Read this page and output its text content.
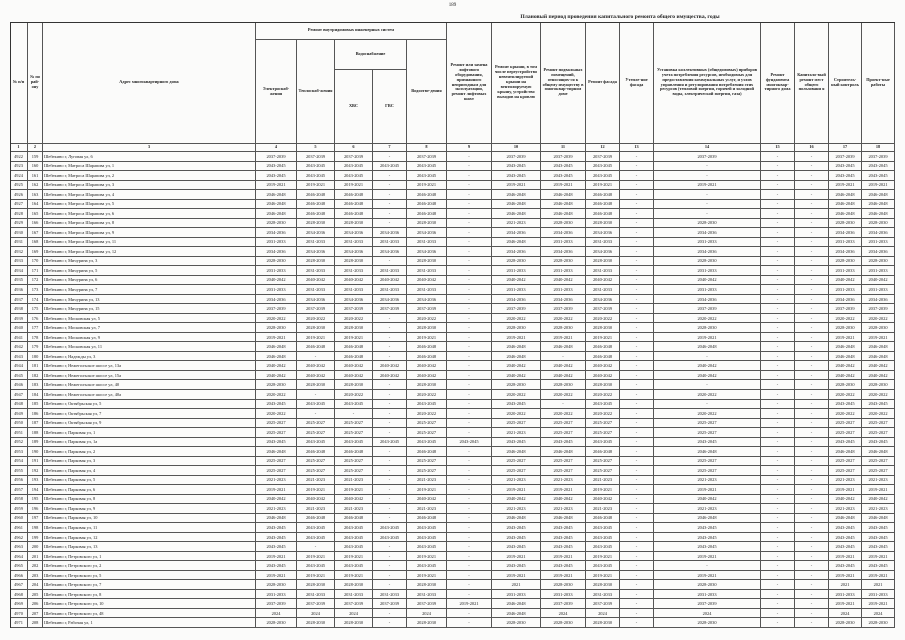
189
Плановый период проведения капитального ремонта общего имущества, годы
№ п/п
№ по рай-ону
Адрес многоквартирного дома
Ремонт внутридомовых инженерных систем
Электроснаб-жения	Теплоснаб-жения
Водоснабжение
ХВС	ГВС
Водоотве-дения
Ремонт или замена лифтового оборудования, признанного непригодным для эксплуатации, ремонт лифтовых шахт
Ремонт крыши, в том числе переустройство невентилируемой крыши на вентилируемую крышу, устройство выходов на кровлю
Ремонт подвальных помещений, относящих-ся к общему имуществу в многоквар-тирном доме
Ремонт фасада	Утепле-ние фасада
Установка коллективных (общедомовых) приборов учета потребления ресурсов, необходимых для предоставления коммунальных услуг, и узлов управления и регулирования потребления этих ресурсов (тепловой энергии, горячей и холодной воды, электрической энергии, газа)
Ремонт фундамента многоквар-тирного дома
Капитало-вый ремонт мест общего пользовани я
Строитель-ный контроль
Проект-ные работы
1	2	3	4	5	6	7	8	9	10	11	12	13	14	15	16	17	18
4922	159	Шебекино г, Луговая ул, 6	2037-2039	2037-2039	2037-2039	-	2037-2039	-	2037-2039	2037-2039	2037-2039	-	2037-2039	-	-	2037-2039	2037-2039
4923	160	Шебекино г, Матроса Шарапова ул, 1	2043-2045	2043-2045	2043-2045	2043-2045	2043-2045	-	2043-2045	2043-2045	2043-2045	-	-	-	-	2043-2045	2043-2045
4924	161	Шебекино г, Матроса Шарапова ул, 2	2043-2045	2043-2045	2043-2045	-	2043-2045	-	2043-2045	2043-2045	2043-2045	-	-	-	-	2043-2045	2043-2045
4925	162	Шебекино г, Матроса Шарапова ул, 3	2019-2021	2019-2021	2019-2021	-	2019-2021	-	2019-2021	2019-2021	2019-2021	-	2019-2021	-	-	2019-2021	2019-2021
4926	163	Шебекино г, Матроса Шарапова ул, 4	2046-2048	2046-2048	2046-2048	-	2046-2048	-	2046-2048	2046-2048	2046-2048	-	-	-	-	2046-2048	2046-2048
4927	164	Шебекино г, Матроса Шарапова ул, 5	2046-2048	2046-2048	2046-2048	-	2046-2048	-	2046-2048	2046-2048	2046-2048	-	-	-	-	2046-2048	2046-2048
4928	165	Шебекино г, Матроса Шарапова ул, 6	2046-2048	2046-2048	2046-2048	-	2046-2048	-	2046-2048	2046-2048	2046-2048	-	-	-	-	2046-2048	2046-2048
4929	166	Шебекино г, Матроса Шарапова ул, 8	2028-2030	2028-2030	2028-2030	-	2028-2030	-	2021-2023	2028-2030	2028-2030	-	2028-2030	-	-	2028-2030	2028-2030
4930	167	Шебекино г, Матроса Шарапова ул, 9	2034-2036	2034-2036	2034-2036	2034-2036	2034-2036	-	2034-2036	2034-2036	2034-2036	-	2034-2036	-	-	2034-2036	2034-2036
4931	168	Шебекино г, Матроса Шарапова ул, 11	2031-2033	2031-2033	2031-2033	2031-2033	2031-2033	-	2046-2048	2031-2033	2031-2033	-	2031-2033	-	-	2031-2033	2031-2033
4932	169	Шебекино г, Матроса Шарапова ул, 12	2034-2036	2034-2036	2034-2036	2034-2036	2034-2036	-	2034-2036	2034-2036	2034-2036	-	2034-2036	-	-	2034-2036	2034-2036
4933	170	Шебекино г, Мичурина ул, 3	2028-2030	2028-2030	2028-2030	-	2028-2030	-	2028-2030	2028-2030	2028-2030	-	2028-2030	-	-	2028-2030	2028-2030
4934	171	Шебекино г, Мичурина ул, 5	2031-2033	2031-2033	2031-2033	2031-2033	2031-2033	-	2031-2033	2031-2033	2031-2033	-	2031-2033	-	-	2031-2033	2031-2033
4935	172	Шебекино г, Мичурина ул, 6	2040-2042	2040-2042	2040-2042	2040-2042	2040-2042	-	2040-2042	2040-2042	2040-2042	-	2040-2042	-	-	2040-2042	2040-2042
4936	173	Шебекино г, Мичурина ул, 7	2031-2033	2031-2033	2031-2033	2031-2033	2031-2033	-	2031-2033	2031-2033	2031-2033	-	2031-2033	-	-	2031-2033	2031-2033
4937	174	Шебекино г, Мичурина ул, 13	2034-2036	2034-2036	2034-2036	2034-2036	2034-2036	-	2034-2036	2034-2036	2034-2036	-	2034-2036	-	-	2034-2036	2034-2036
4938	175	Шебекино г, Мичурина ул, 15	2037-2039	2037-2039	2037-2039	2037-2039	2037-2039	-	2037-2039	2037-2039	2037-2039	-	2037-2039	-	-	2037-2039	2037-2039
4939	176	Шебекино г, Московская ул, 5	2020-2022	2020-2022	2020-2022	-	2020-2022	-	2020-2022	2020-2022	2020-2022	-	2020-2022	-	-	2020-2022	2020-2022
4940	177	Шебекино г, Московская ул, 7	2028-2030	2028-2030	2028-2030	-	2028-2030	-	2028-2030	2028-2030	2028-2030	-	2028-2030	-	-	2028-2030	2028-2030
4941	178	Шебекино г, Московская ул, 9	2019-2021	2019-2021	2019-2021	-	2019-2021	-	2019-2021	2019-2021	2019-2021	-	2019-2021	-	-	2019-2021	2019-2021
4942	179	Шебекино г, Московская ул, 11	2046-2048	2046-2048	2046-2048	-	2046-2048	-	2046-2048	2046-2048	2046-2048	-	2046-2048	-	-	2046-2048	2046-2048
4943	180	Шебекино г, Надежды ул, 3	2046-2048	-	2046-2048	-	2046-2048	-	2046-2048	-	2046-2048	-	-	-	-	2046-2048	2046-2048
4944	181	Шебекино г, Нежеголъское шоссе ул, 13а	2040-2042	2040-2042	2040-2042	2040-2042	2040-2042	-	2040-2042	2040-2042	2040-2042	-	2040-2042	-	-	2040-2042	2040-2042
4945	182	Шебекино г, Нежеголъское шоссе ул, 15а	2040-2042	2040-2042	2040-2042	2040-2042	2040-2042	-	2040-2042	2040-2042	2040-2042	-	2040-2042	-	-	2040-2042	2040-2042
4946	183	Шебекино г, Нежеголъское шоссе ул, 40	2028-2030	2028-2030	2028-2030	-	2028-2030	-	2028-2030	2028-2030	2028-2030	-	-	-	-	2028-2030	2028-2030
4947	184	Шебекино г, Нежеголъское шоссе ул, 40а	2020-2022	-	2020-2022	-	2020-2022	-	2020-2022	2020-2022	2020-2022	-	2020-2022	-	-	2020-2022	2020-2022
4948	185	Шебекино г, Октябрьская ул, 5	2043-2045	2043-2045	2043-2045	-	2043-2045	-	2043-2045	-	2043-2045	-	-	-	-	2043-2045	2043-2045
4949	186	Шебекино г, Октябрьская ул, 7	2020-2022	-	-	-	2020-2022	-	2020-2022	2020-2022	2020-2022	-	2020-2022	-	-	2020-2022	2020-2022
4950	187	Шебекино г, Октябрьская ул, 9	2025-2027	2025-2027	2025-2027	-	2025-2027	-	2025-2027	2025-2027	2025-2027	-	2025-2027	-	-	2025-2027	2025-2027
4951	188	Шебекино г, Парковая ул, 1	2025-2027	2025-2027	2025-2027	-	2025-2027	-	2021-2023	2025-2027	2025-2027	-	2025-2027	-	-	2025-2027	2025-2027
4952	189	Шебекино г, Парковая ул, 1а	2043-2045	2043-2045	2043-2045	2043-2045	2043-2045	2043-2045	2043-2045	2043-2045	2043-2045	-	2043-2045	-	-	2043-2045	2043-2045
4953	190	Шебекино г, Парковая ул, 2	2046-2048	2046-2048	2046-2048	-	2046-2048	-	2046-2048	2046-2048	2046-2048	-	2046-2048	-	-	2046-2048	2046-2048
4954	191	Шебекино г, Парковая ул, 3	2025-2027	2025-2027	2025-2027	-	2025-2027	-	2025-2027	2025-2027	2025-2027	-	2025-2027	-	-	2025-2027	2025-2027
4955	192	Шебекино г, Парковая ул, 4	2025-2027	2025-2027	2025-2027	-	2025-2027	-	2025-2027	2025-2027	2025-2027	-	2025-2027	-	-	2025-2027	2025-2027
4956	193	Шебекино г, Парковая ул, 5	2021-2023	2021-2023	2021-2023	-	2021-2023	-	2021-2023	2021-2023	2021-2023	-	2021-2023	-	-	2021-2023	2021-2023
4957	194	Шебекино г, Парковая ул, 6	2019-2021	2019-2021	2019-2021	-	2019-2021	-	2019-2021	2019-2021	2019-2021	-	2019-2021	-	-	2019-2021	2019-2021
4958	195	Шебекино г, Парковая ул, 8	2040-2042	2040-2042	2040-2042	-	2040-2042	-	2040-2042	2040-2042	2040-2042	-	2040-2042	-	-	2040-2042	2040-2042
4959	196	Шебекино г, Парковая ул, 9	2021-2023	2021-2023	2021-2023	-	2021-2023	-	2021-2023	2021-2023	2021-2023	-	2021-2023	-	-	2021-2023	2021-2023
4960	197	Шебекино г, Парковая ул, 10	2046-2048	2046-2048	2046-2048	-	2046-2048	-	2046-2048	2046-2048	2046-2048	-	2046-2048	-	-	2046-2048	2046-2048
4961	198	Шебекино г, Парковая ул, 11	2043-2045	2043-2045	2043-2045	2043-2045	2043-2045	-	2043-2045	2043-2045	2043-2045	-	2043-2045	-	-	2043-2045	2043-2045
4962	199	Шебекино г, Парковая ул, 12	2043-2045	2043-2045	2043-2045	2043-2045	2043-2045	-	2043-2045	2043-2045	2043-2045	-	2043-2045	-	-	2043-2045	2043-2045
4963	200	Шебекино г, Парковая ул, 13	2043-2045	-	2043-2045	-	2043-2045	-	2043-2045	2043-2045	2043-2045	-	2043-2045	-	-	2043-2045	2043-2045
4964	201	Шебекино г, Петровского ул, 1	2019-2021	2019-2021	2019-2021	-	2019-2021	-	2019-2021	2019-2021	2019-2021	-	2019-2021	-	-	2019-2021	2019-2021
4965	202	Шебекино г, Петровского ул, 2	2043-2045	2043-2045	2043-2045	-	2043-2045	-	2043-2045	2043-2045	2043-2045	-	-	-	-	2043-2045	2043-2045
4966	203	Шебекино г, Петровского ул, 5	2019-2021	2019-2021	2019-2021	-	2019-2021	-	2019-2021	2019-2021	2019-2021	-	2019-2021	-	-	2019-2021	2019-2021
4967	204	Шебекино г, Петровского ул, 7	2028-2030	2028-2030	2028-2030	-	2028-2030	-	2021	2028-2030	2028-2030	-	2028-2030	-	-	2021	2021
4968	205	Шебекино г, Петровского ул, 8	2031-2033	2031-2033	2031-2033	2031-2033	2031-2033	-	2031-2033	2031-2033	2031-2033	-	2031-2033	-	-	2031-2033	2031-2033
4969	206	Шебекино г, Петровского ул, 10	2037-2039	2037-2039	2037-2039	2037-2039	2037-2039	2019-2021	2046-2048	2037-2039	2037-2039	-	2037-2039	-	-	2019-2021	2019-2021
4970	207	Шебекино г, Петровского ул, 48	2024	2024	2024	-	2024	-	2046-2048	2024	2024	-	2024	-	-	2024	2024
4971	208	Шебекино г, Рабочая ул, 1	2028-2030	2028-2030	2028-2030	-	2028-2030	-	2028-2030	2028-2030	2028-2030	-	2028-2030	-	-	2028-2030	2028-2030
